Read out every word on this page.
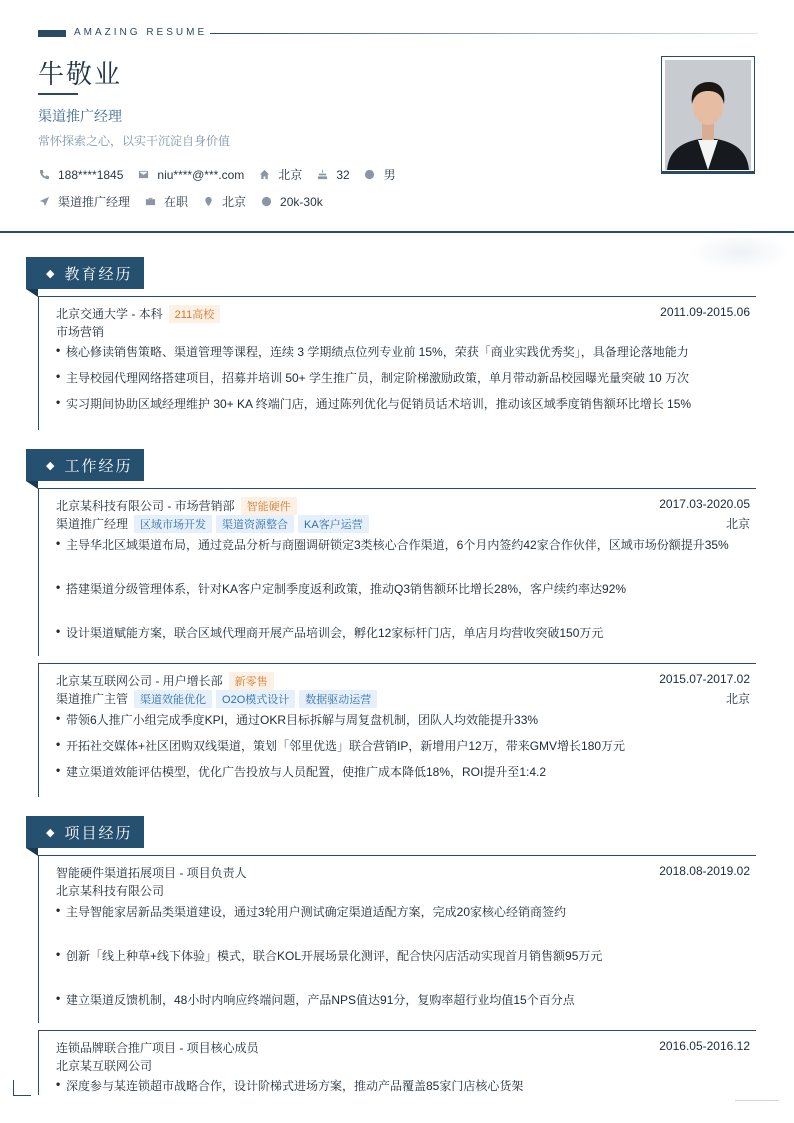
AMAZING RESUME
牛敬业
渠道推广经理
常怀探索之心，以实干沉淀自身价值
188****1845	niu****@***.com	北京	32	男
渠道推广经理	在职	北京	20k-30k
◆ 教育经历
北京交通大学 - 本科 211高校	2011.09-2015.06
市场营销
• 核心修读销售策略、渠道管理等课程，连续 3 学期绩点位列专业前 15%，荣获「商业实践优秀奖」，具备理论落地能力
• 主导校园代理网络搭建项目，招募并培训 50+ 学生推广员，制定阶梯激励政策，单月带动新品校园曝光量突破 10 万次
• 实习期间协助区域经理维护 30+ KA 终端门店，通过陈列优化与促销员话术培训，推动该区域季度销售额环比增长 15%
◆ 工作经历
北京某科技有限公司 - 市场营销部 智能硬件	2017.03-2020.05
渠道推广经理 区域市场开发 渠道资源整合 KA客户运营	北京
• 主导华北区域渠道布局，通过竞品分析与商圈调研锁定3类核心合作渠道，6个月内签约42家合作伙伴，区域市场份额提升35%
• 搭建渠道分级管理体系，针对KA客户定制季度返利政策，推动Q3销售额环比增长28%，客户续约率达92%
• 设计渠道赋能方案，联合区域代理商开展产品培训会，孵化12家标杆门店，单店月均营收突破150万元
北京某互联网公司 - 用户增长部 新零售	2015.07-2017.02
渠道推广主管 渠道效能优化 O2O模式设计 数据驱动运营	北京
• 带领6人推广小组完成季度KPI，通过OKR目标拆解与周复盘机制，团队人均效能提升33%
• 开拓社交媒体+社区团购双线渠道，策划「邻里优选」联合营销IP，新增用户12万，带来GMV增长180万元
• 建立渠道效能评估模型，优化广告投放与人员配置，使推广成本降低18%，ROI提升至1:4.2
◆ 项目经历
智能硬件渠道拓展项目 - 项目负责人	2018.08-2019.02
北京某科技有限公司
• 主导智能家居新品类渠道建设，通过3轮用户测试确定渠道适配方案，完成20家核心经销商签约
• 创新「线上种草+线下体验」模式，联合KOL开展场景化测评，配合快闪店活动实现首月销售额95万元
• 建立渠道反馈机制，48小时内响应终端问题，产品NPS值达91分，复购率超行业均值15个百分点
连锁品牌联合推广项目 - 项目核心成员	2016.05-2016.12
北京某互联网公司
• 深度参与某连锁超市战略合作，设计阶梯式进场方案，推动产品覆盖85家门店核心货架
